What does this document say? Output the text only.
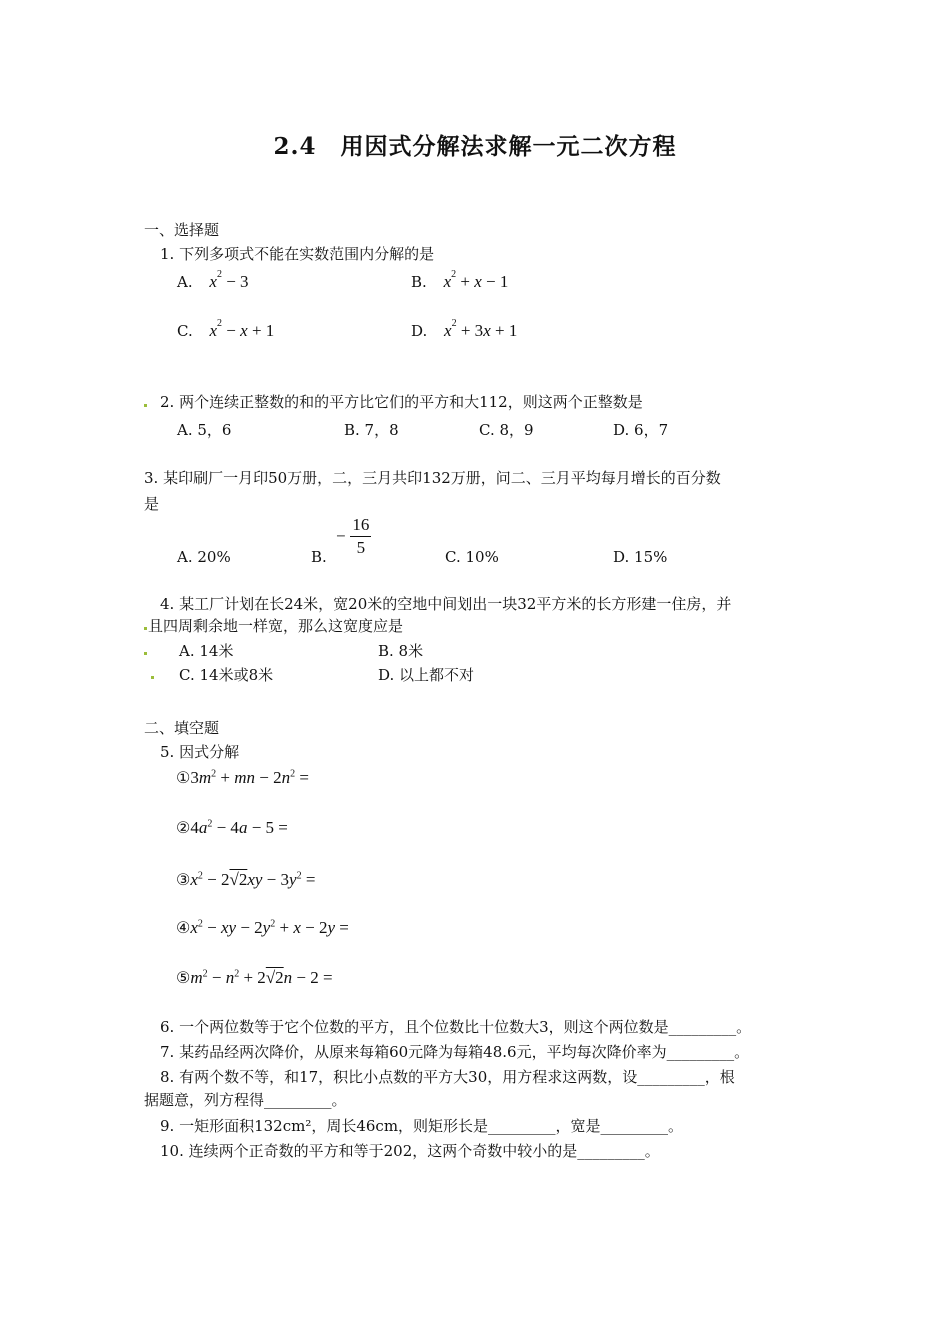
2.4　用因式分解法求解一元二次方程
一、选择题
1. 下列多项式不能在实数范围内分解的是
A. $x^2 - 3$	B. $x^2 + x - 1$
C. $x^2 - x + 1$	D. $x^2 + 3x + 1$
2. 两个连续正整数的和的平方比它们的平方和大112，则这两个正整数是
A. 5，6	B. 7，8	C. 8，9	D. 6，7
3. 某印刷厂一月印50万册，二，三月共印132万册，问二、三月平均每月增长的百分数
是
A. 20%	B.
− $\frac{16}{5}$	C. 10%	D. 15%
4. 某工厂计划在长24米，宽20米的空地中间划出一块32平方米的长方形建一住房，并
且四周剩余地一样宽，那么这宽度应是
A. 14米	B. 8米
C. 14米或8米	D. 以上都不对
二、填空题
5. 因式分解
$①3m^2$ + mn − $2n^2$ =
$②4a^2 - 4a - 5$ =
$③x^2 - 2√2xy - 3y^2$ =
$④x^2$ − xy − $2y^2 + x - 2y$ =
$⑤m^2 - n^2 + 2√2n - 2$ =
6. 一个两位数等于它个位数的平方，且个位数比十位数大3，则这个两位数是_________。
7. 某药品经两次降价，从原来每箱60元降为每箱48.6元，平均每次降价率为_________。
8. 有两个数不等，和17，积比小点数的平方大30，用方程求这两数，设_________，根
据题意，列方程得_________。
9. 一矩形面积132cm²，周长46cm，则矩形长是_________，宽是_________。
10. 连续两个正奇数的平方和等于202，这两个奇数中较小的是_________。
